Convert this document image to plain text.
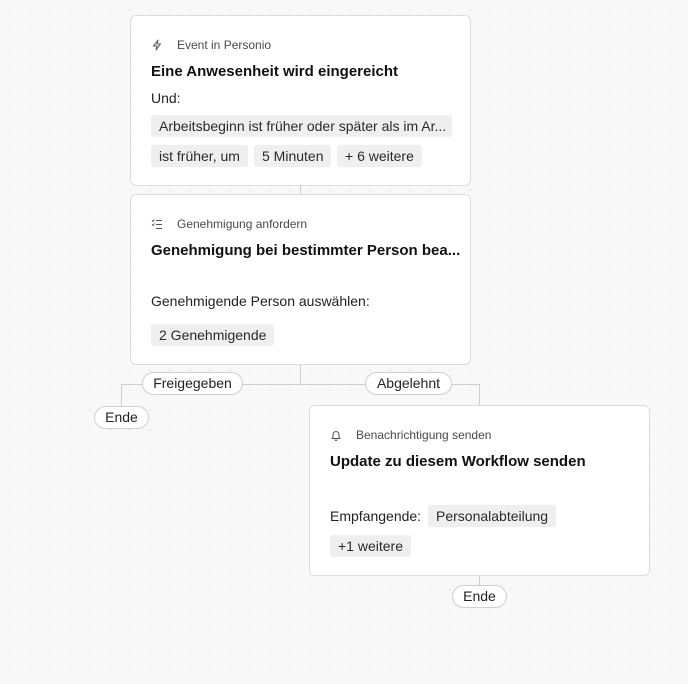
Event in Personio
Eine Anwesenheit wird eingereicht
Und:
Arbeitsbeginn ist früher oder später als im Ar...
ist früher, um	5 Minuten	+ 6 weitere
Genehmigung anfordern
Genehmigung bei bestimmter Person bea...
Genehmigende Person auswählen:
2 Genehmigende
Freigegeben	Abgelehnt
Ende
Benachrichtigung senden
Update zu diesem Workflow senden
Empfangende:	Personalabteilung
+1 weitere
Ende
